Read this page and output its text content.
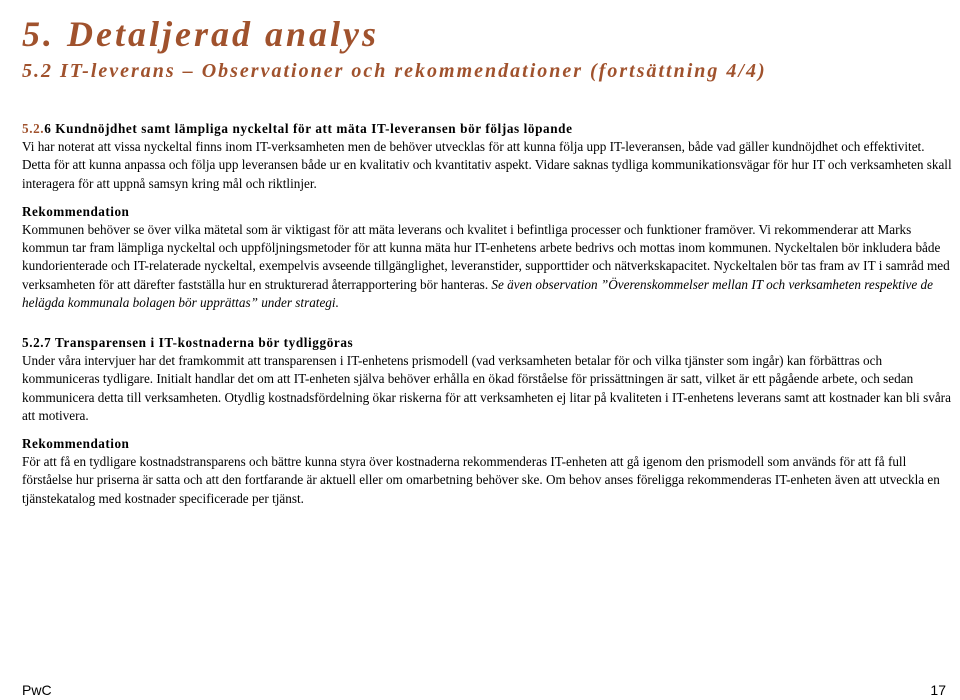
5. Detaljerad analys
5.2 IT-leverans – Observationer och rekommendationer (fortsättning 4/4)

5.2.6 Kundnöjdhet samt lämpliga nyckeltal för att mäta IT-leveransen bör följas löpande

Vi har noterat att vissa nyckeltal finns inom IT-verksamheten men de behöver utvecklas för att kunna följa upp IT-leveransen, både vad gäller kundnöjdhet och effektivitet. Detta för att kunna anpassa och följa upp leveransen både ur en kvalitativ och kvantitativ aspekt. Vidare saknas tydliga kommunikationsvägar för hur IT och verksamheten skall interagera för att uppnå samsyn kring mål och riktlinjer.

Rekommendation

Kommunen behöver se över vilka mätetal som är viktigast för att mäta leverans och kvalitet i befintliga processer och funktioner framöver. Vi rekommenderar att Marks kommun tar fram lämpliga nyckeltal och uppföljningsmetoder för att kunna mäta hur IT-enhetens arbete bedrivs och mottas inom kommunen. Nyckeltalen bör inkludera både kundorienterade och IT-relaterade nyckeltal, exempelvis avseende tillgänglighet, leveranstider, supporttider och nätverkskapacitet. Nyckeltalen bör tas fram av IT i samråd med verksamheten för att därefter fastställa hur en strukturerad återrapportering bör hanteras. Se även observation ”Överenskommelser mellan IT och verksamheten respektive de helägda kommunala bolagen bör upprättas” under strategi.

5.2.7 Transparensen i IT-kostnaderna bör tydliggöras

Under våra intervjuer har det framkommit att transparensen i IT-enhetens prismodell (vad verksamheten betalar för och vilka tjänster som ingår) kan förbättras och kommuniceras tydligare. Initialt handlar det om att IT-enheten själva behöver erhålla en ökad förståelse för prissättningen är satt, vilket är ett pågående arbete, och sedan kommunicera detta till verksamheten. Otydlig kostnadsfördelning ökar riskerna för att verksamheten ej litar på kvaliteten i IT-enhetens leverans samt att kostnader kan bli svåra att motivera.

Rekommendation

För att få en tydligare kostnadstransparens och bättre kunna styra över kostnaderna rekommenderas IT-enheten att gå igenom den prismodell som används för att få full förståelse hur priserna är satta och att den fortfarande är aktuell eller om omarbetning behöver ske. Om behov anses föreligga rekommenderas IT-enheten även att utveckla en tjänstekatalog med kostnader specificerade per tjänst.

PwC	17
